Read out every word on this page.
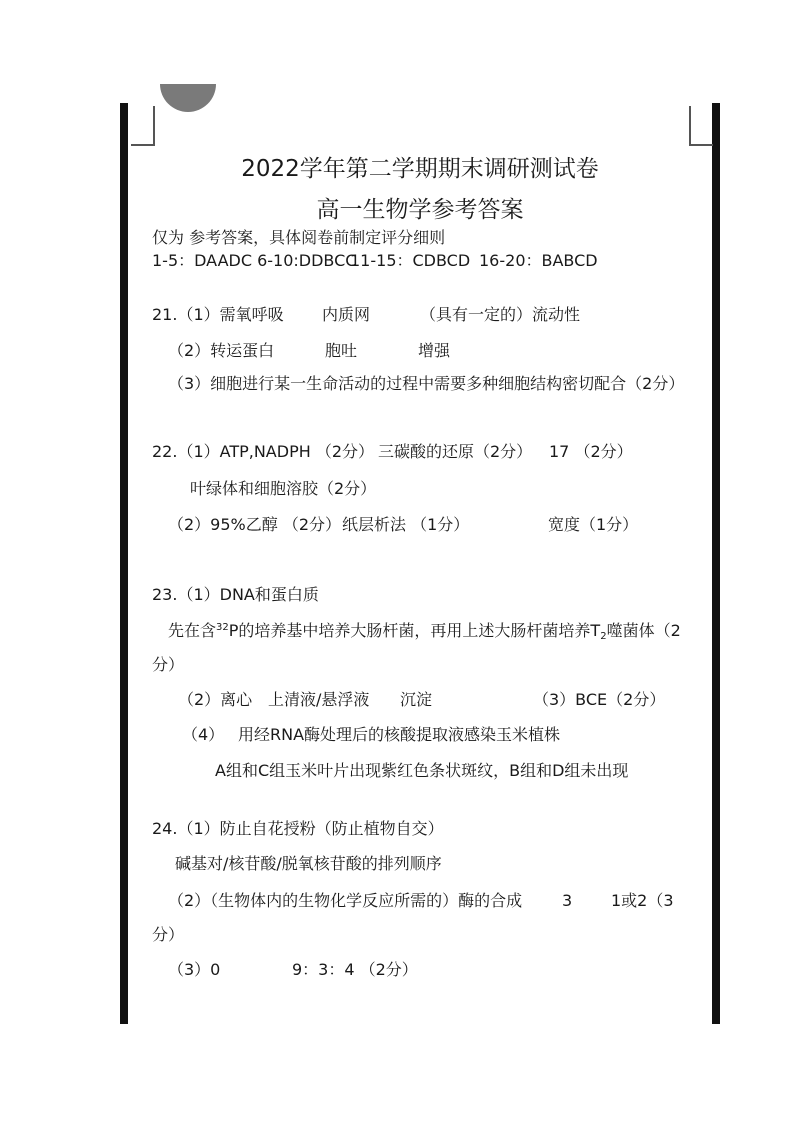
2022学年第二学期期末调研测试卷
高一生物学参考答案
仅为 参考答案，具体阅卷前制定评分细则
1-5：DAADC 6-10:DDBCC
11-15：CDBCD 16-20：BABCD
21.（1）需氧呼吸 内质网	（具有一定的）流动性
（2）转运蛋白	胞吐	增强
（3）细胞进行某一生命活动的过程中需要多种细胞结构密切配合（2分）
22.（1）ATP,NADPH （2分） 三碳酸的还原（2分） 17 （2分）
叶绿体和细胞溶胶（2分）
（2）95%乙醇 （2分） 纸层析法 （1分）	宽度（1分）
23.（1）DNA和蛋白质
先在含$^{32}$P的培养基中培养大肠杆菌，再用上述大肠杆菌培养$T_2$噬菌体（2
分）
（2）离心 上清液/悬浮液 沉淀	（3）BCE（2分）
（4） 用经RNA酶处理后的核酸提取液感染玉米植株
A组和C组玉米叶片出现紫红色条状斑纹，B组和D组未出现
24.（1）防止自花授粉（防止植物自交）
碱基对/核苷酸/脱氧核苷酸的排列顺序
（2）（生物体内的生物化学反应所需的）酶的合成 3 1或2（3
分）
（3）0	9：3：4 （2分）
